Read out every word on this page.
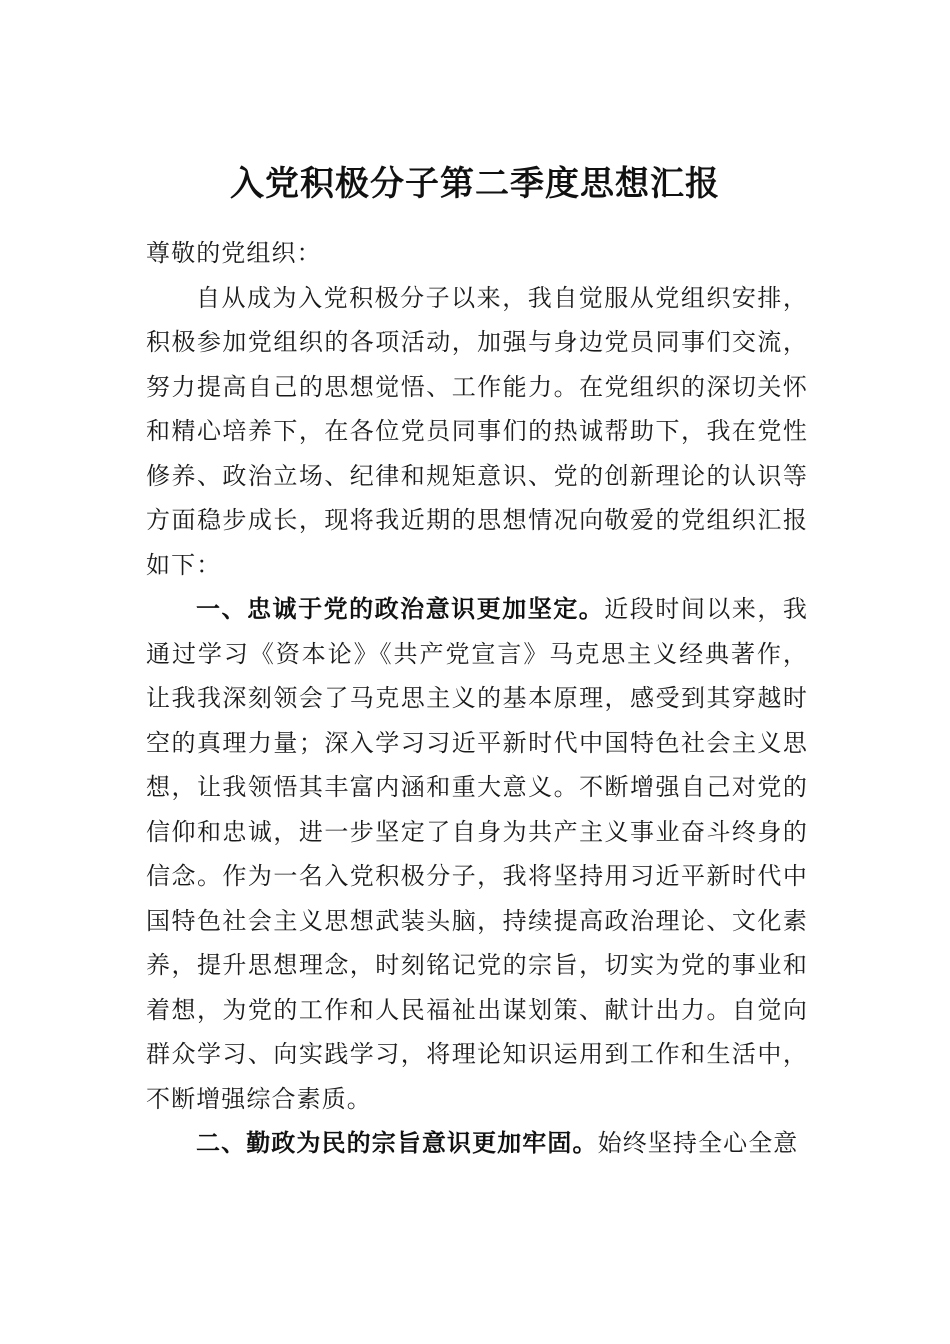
入党积极分子第二季度思想汇报

尊敬的党组织：

自从成为入党积极分子以来，我自觉服从党组织安排，积极参加党组织的各项活动，加强与身边党员同事们交流，努力提高自己的思想觉悟、工作能力。在党组织的深切关怀和精心培养下，在各位党员同事们的热诚帮助下，我在党性修养、政治立场、纪律和规矩意识、党的创新理论的认识等方面稳步成长，现将我近期的思想情况向敬爱的党组织汇报如下：

一、忠诚于党的政治意识更加坚定。近段时间以来，我通过学习《资本论》《共产党宣言》马克思主义经典著作，让我我深刻领会了马克思主义的基本原理，感受到其穿越时空的真理力量；深入学习习近平新时代中国特色社会主义思想，让我领悟其丰富内涵和重大意义。不断增强自己对党的信仰和忠诚，进一步坚定了自身为共产主义事业奋斗终身的信念。作为一名入党积极分子，我将坚持用习近平新时代中国特色社会主义思想武装头脑，持续提高政治理论、文化素养，提升思想理念，时刻铭记党的宗旨，切实为党的事业和着想，为党的工作和人民福祉出谋划策、献计出力。自觉向群众学习、向实践学习，将理论知识运用到工作和生活中，不断增强综合素质。

二、勤政为民的宗旨意识更加牢固。始终坚持全心全意
